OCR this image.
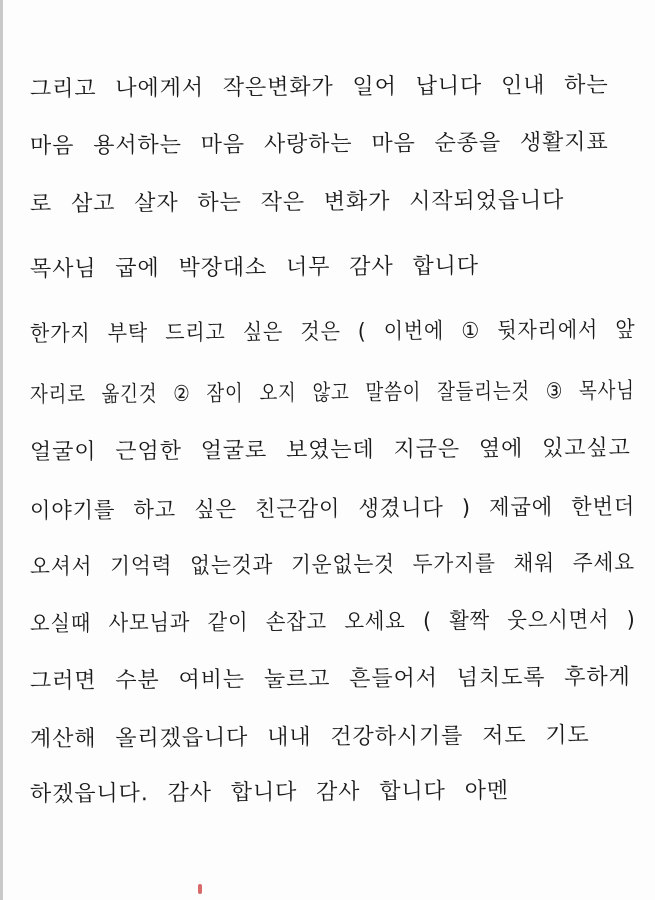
그리고 나에게서 작은변화가 일어 납니다 인내 하는
마음 용서하는 마음 사랑하는 마음 순종을 생활지표
로 삼고 살자 하는 작은 변화가 시작되었읍니다
목사님 굽에 박장대소 너무 감사 합니다
한가지 부탁 드리고 싶은 것은 ( 이번에 ① 뒷자리에서 앞
자리로 옮긴것 ② 잠이 오지 않고 말씀이 잘들리는것 ③ 목사님
얼굴이 근엄한 얼굴로 보였는데 지금은 옆에 있고싶고
이야기를 하고 싶은 친근감이 생겼니다 ) 제굽에 한번더
오셔서 기억력 없는것과 기운없는것 두가지를 채워 주세요
오실때 사모님과 같이 손잡고 오세요 ( 활짝 웃으시면서 )
그러면 수분 여비는 눌르고 흔들어서 넘치도록 후하게
계산해 올리겠읍니다 내내 건강하시기를 저도 기도
하겠읍니다. 감사 합니다 감사 합니다 아멘
